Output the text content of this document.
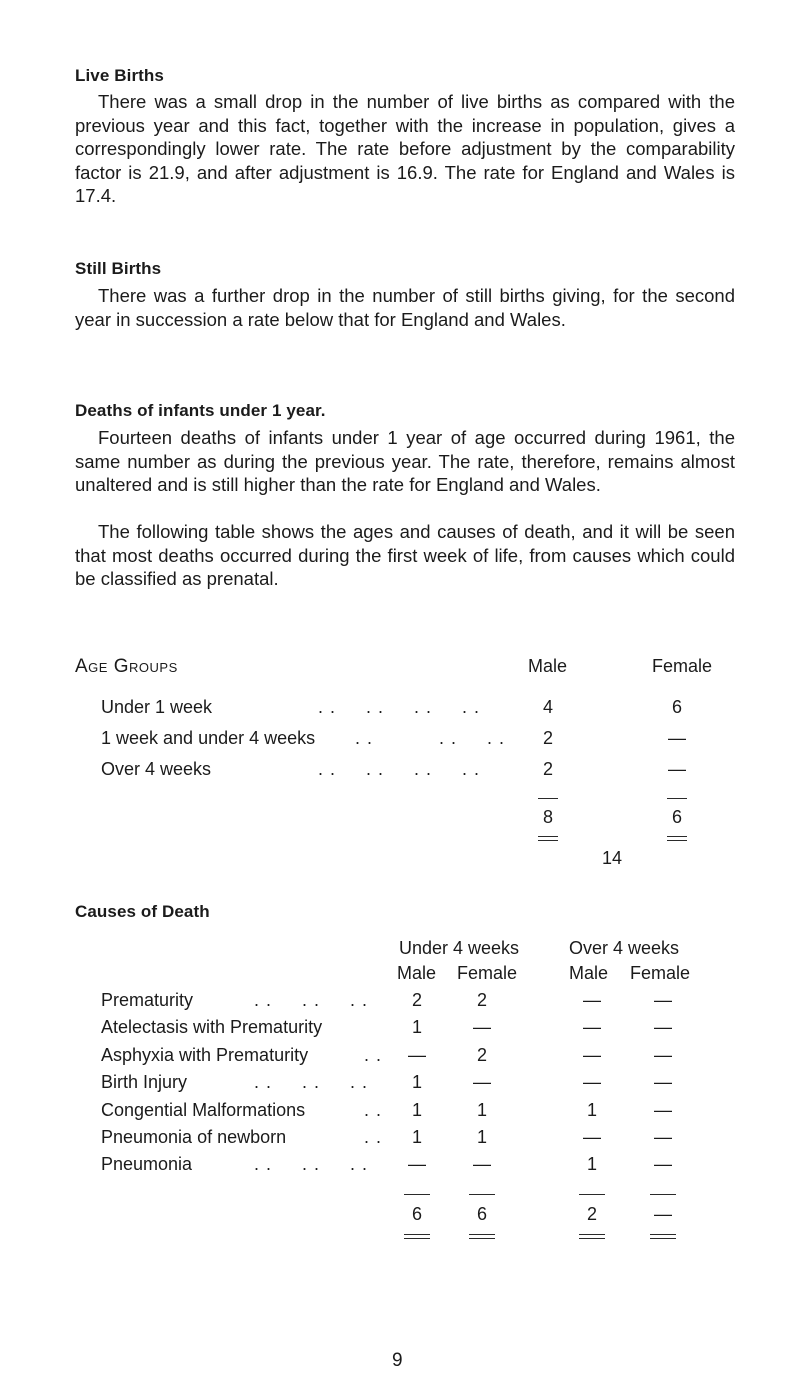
Live Births
There was a small drop in the number of live births as compared with the previous year and this fact, together with the increase in population, gives a correspondingly lower rate. The rate before adjustment by the comparability factor is 21.9, and after adjustment is 16.9. The rate for England and Wales is 17.4.
Still Births
There was a further drop in the number of still births giving, for the second year in succession a rate below that for England and Wales.
Deaths of infants under 1 year.
Fourteen deaths of infants under 1 year of age occurred during 1961, the same number as during the previous year. The rate, therefore, remains almost unaltered and is still higher than the rate for England and Wales.
The following table shows the ages and causes of death, and it will be seen that most deaths occurred during the first week of life, from causes which could be classified as prenatal.
Age Groups	Male	Female
Under 1 week	. .     . .     . .     . .	4	6
1 week and under 4 weeks . .           . .     . .	2	—
Over 4 weeks	. .     . .     . .     . .	2	—
8	6
14
Causes of Death
Under 4 weeks	Over 4 weeks
Male Female	Male Female
Prematurity	. .     . .     . .	2	2	—	—
Atelectasis with Prematurity	1	—	—	—
Asphyxia with Prematurity	. .	—	2	—	—
Birth Injury	. .     . .     . .	1	—	—	—
Congential Malformations	. .	1	1	1	—
Pneumonia of newborn	. .	1	1	—	—
Pneumonia	. .     . .     . .	—	—	1	—
6	6	2	—
9
